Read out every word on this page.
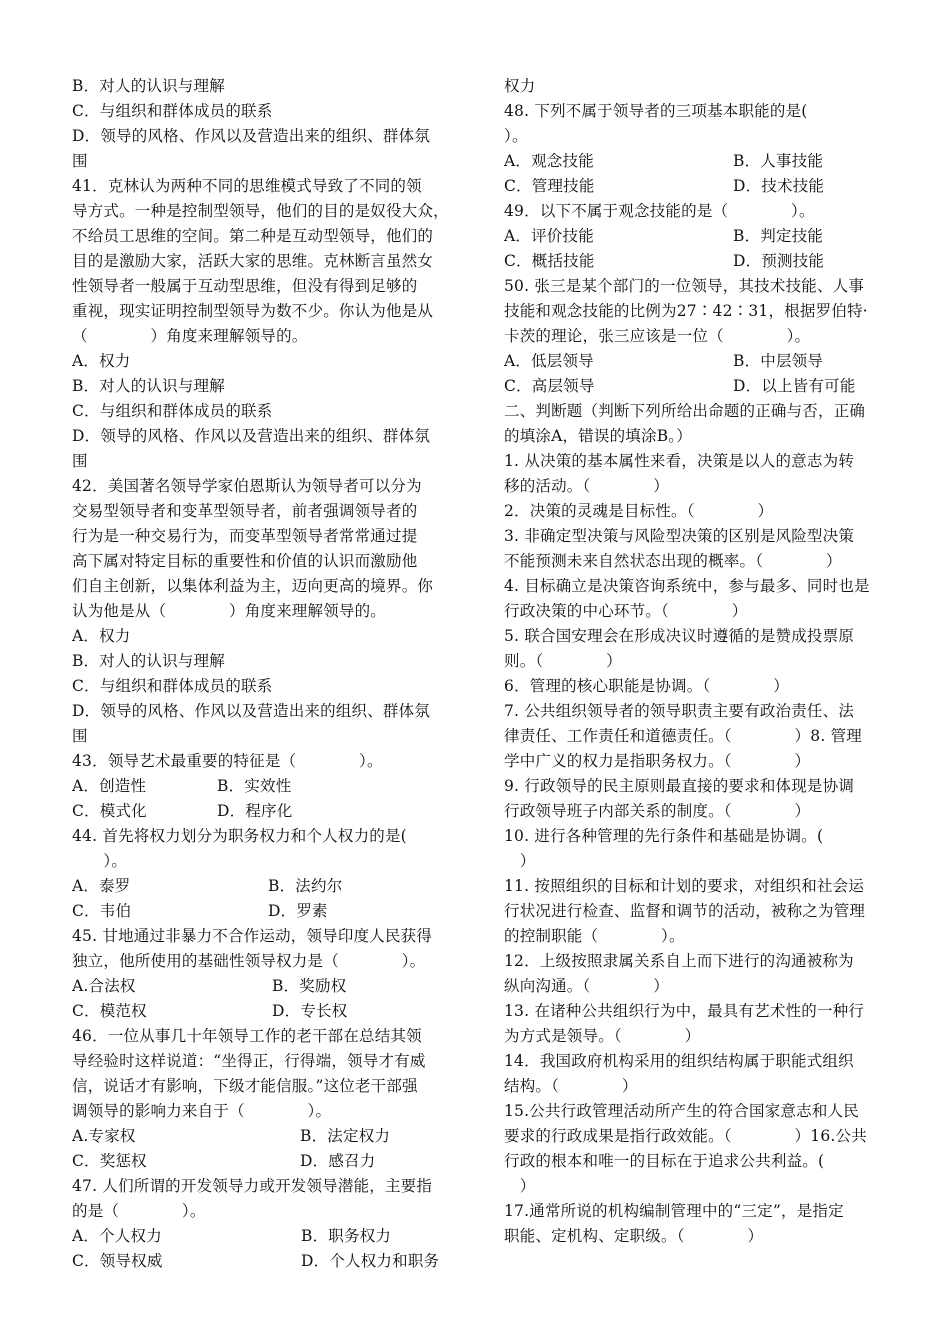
B．对人的认识与理解
C．与组织和群体成员的联系
D．领导的风格、作风以及营造出来的组织、群体氛
围
41．克林认为两种不同的思维模式导致了不同的领
导方式。一种是控制型领导，他们的目的是奴役大众，
不给员工思维的空间。第二种是互动型领导，他们的
目的是激励大家，活跃大家的思维。克林断言虽然女
性领导者一般属于互动型思维，但没有得到足够的
重视，现实证明控制型领导为数不少。你认为他是从
（　　　　）角度来理解领导的。
A．权力
B．对人的认识与理解
C．与组织和群体成员的联系
D．领导的风格、作风以及营造出来的组织、群体氛
围
42．美国著名领导学家伯恩斯认为领导者可以分为
交易型领导者和变革型领导者，前者强调领导者的
行为是一种交易行为，而变革型领导者常常通过提
高下属对特定目标的重要性和价值的认识而激励他
们自主创新，以集体利益为主，迈向更高的境界。你
认为他是从（　　　　）角度来理解领导的。
A．权力
B．对人的认识与理解
C．与组织和群体成员的联系
D．领导的风格、作风以及营造出来的组织、群体氛
围
43．领导艺术最重要的特征是（　　　　）。
A．创造性	B．实效性
C．模式化	D．程序化
44. 首先将权力划分为职务权力和个人权力的是(
　　）。
A．泰罗	B．法约尔
C．韦伯	D．罗素
45. 甘地通过非暴力不合作运动，领导印度人民获得
独立，他所使用的基础性领导权力是（　　　　）。
A.合法权	B．奖励权
C．模范权	D．专长权
46．一位从事几十年领导工作的老干部在总结其领
导经验时这样说道：“坐得正，行得端，领导才有威
信，说话才有影响，下级才能信服。”这位老干部强
调领导的影响力来自于（　　　　）。
A.专家权	B．法定权力
C．奖惩权	D．感召力
47. 人们所谓的开发领导力或开发领导潜能，主要指
的是（　　　　）。
A．个人权力	B．职务权力
C．领导权威	D．个人权力和职务
权力
48. 下列不属于领导者的三项基本职能的是(
）。
A．观念技能	B．人事技能
C．管理技能	D．技术技能
49．以下不属于观念技能的是（　　　　）。
A．评价技能	B．判定技能
C．概括技能	D．预测技能
50. 张三是某个部门的一位领导，其技术技能、人事
技能和观念技能的比例为27∶42∶31，根据罗伯特·
卡茨的理论，张三应该是一位（　　　　）。
A．低层领导	B．中层领导
C．高层领导	D．以上皆有可能
二、判断题（判断下列所给出命题的正确与否，正确
的填涂A，错误的填涂B。）
1. 从决策的基本属性来看，决策是以人的意志为转
移的活动。（　　　　）
2．决策的灵魂是目标性。（　　　　）
3. 非确定型决策与风险型决策的区别是风险型决策
不能预测未来自然状态出现的概率。（　　　　）
4. 目标确立是决策咨询系统中，参与最多、同时也是
行政决策的中心环节。（　　　　）
5. 联合国安理会在形成决议时遵循的是赞成投票原
则。（　　　　）
6．管理的核心职能是协调。（　　　　）
7. 公共组织领导者的领导职责主要有政治责任、法
律责任、工作责任和道德责任。（　　　　）8. 管理
学中广义的权力是指职务权力。（　　　　）
9. 行政领导的民主原则最直接的要求和体现是协调
行政领导班子内部关系的制度。（　　　　）
10. 进行各种管理的先行条件和基础是协调。(
　）
11. 按照组织的目标和计划的要求，对组织和社会运
行状况进行检查、监督和调节的活动，被称之为管理
的控制职能（　　　　）。
12．上级按照隶属关系自上而下进行的沟通被称为
纵向沟通。（　　　　）
13. 在诸种公共组织行为中，最具有艺术性的一种行
为方式是领导。（　　　　）
14．我国政府机构采用的组织结构属于职能式组织
结构。（　　　　）
15.公共行政管理活动所产生的符合国家意志和人民
要求的行政成果是指行政效能。（　　　　）16.公共
行政的根本和唯一的目标在于追求公共利益。(
　）
17.通常所说的机构编制管理中的“三定”，是指定
职能、定机构、定职级。（　　　　）
